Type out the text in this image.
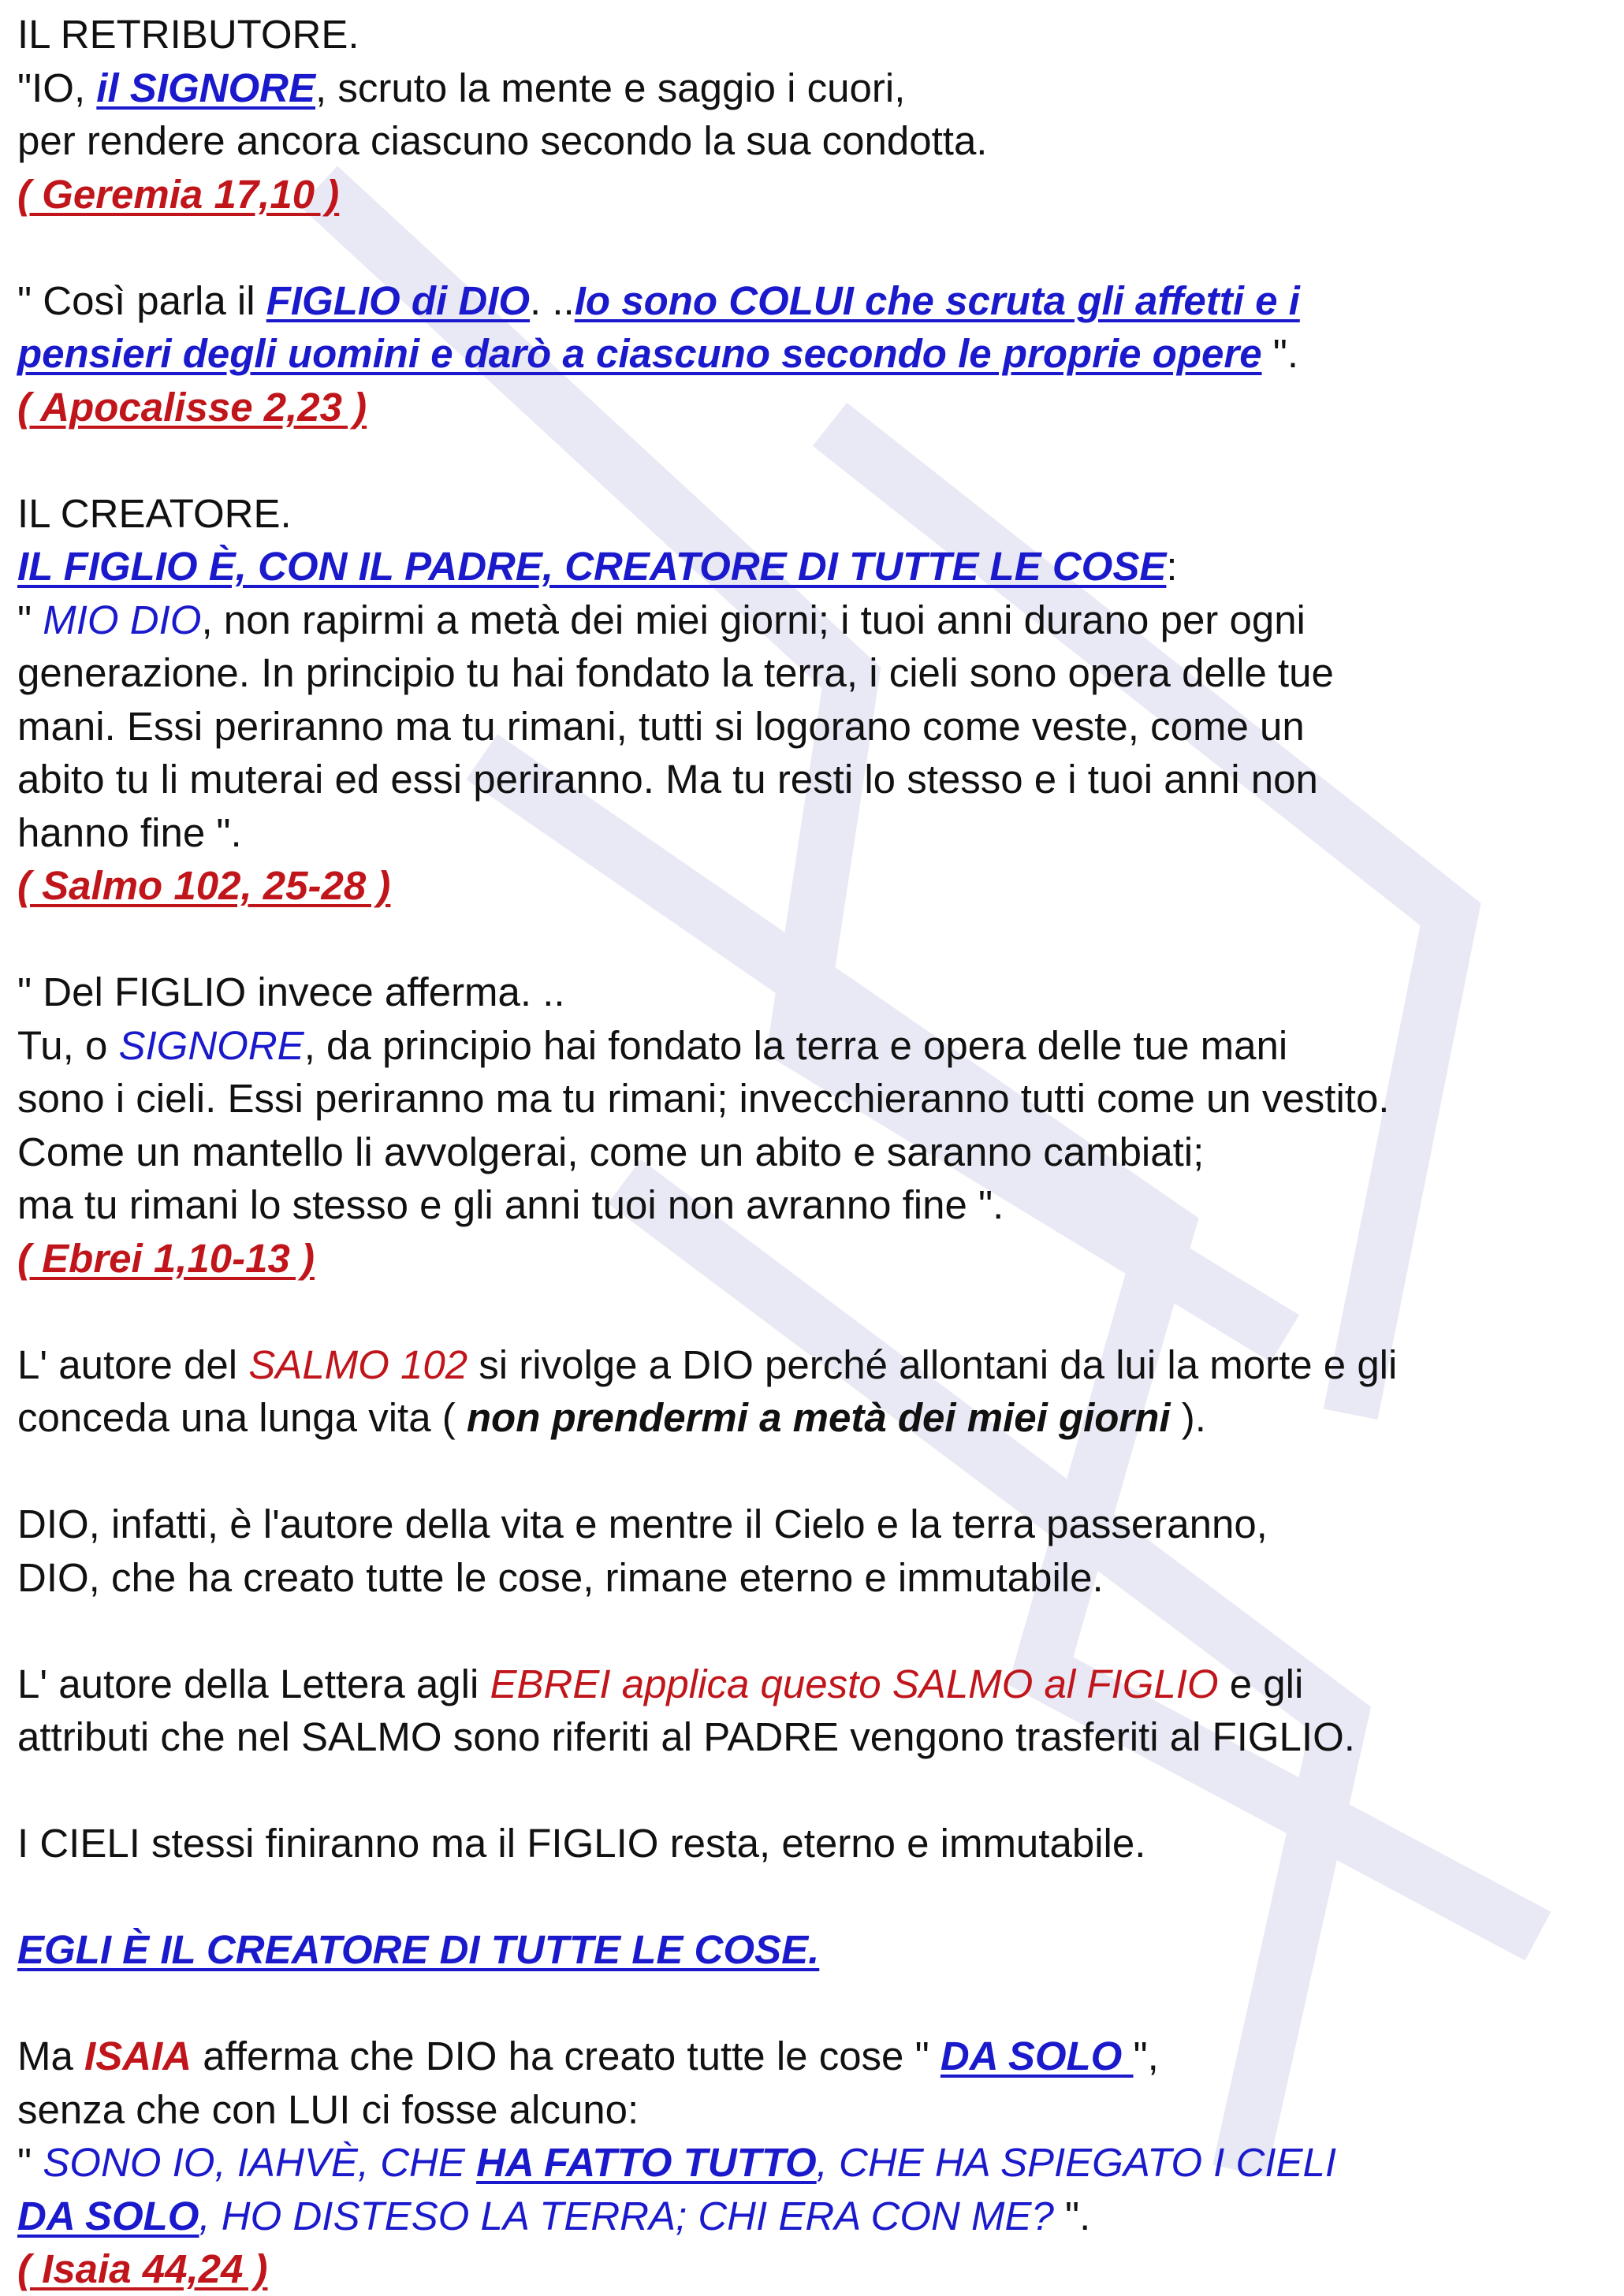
IL RETRIBUTORE.
"IO, il SIGNORE, scruto la mente e saggio i cuori,
per rendere ancora ciascuno secondo la sua condotta.
( Geremia 17,10 )
" Così parla il FIGLIO di DIO. ..Io sono COLUI che scruta gli affetti e i
pensieri degli uomini e darò a ciascuno secondo le proprie opere ".
( Apocalisse 2,23 )
IL CREATORE.
IL FIGLIO È, CON IL PADRE, CREATORE DI TUTTE LE COSE:
" MIO DIO, non rapirmi a metà dei miei giorni; i tuoi anni durano per ogni
generazione. In principio tu hai fondato la terra, i cieli sono opera delle tue
mani. Essi periranno ma tu rimani, tutti si logorano come veste, come un
abito tu li muterai ed essi periranno. Ma tu resti lo stesso e i tuoi anni non
hanno fine ".
( Salmo 102, 25-28 )
" Del FIGLIO invece afferma. ..
Tu, o SIGNORE, da principio hai fondato la terra e opera delle tue mani
sono i cieli. Essi periranno ma tu rimani; invecchieranno tutti come un vestito.
Come un mantello li avvolgerai, come un abito e saranno cambiati;
ma tu rimani lo stesso e gli anni tuoi non avranno fine ".
( Ebrei 1,10-13 )
L' autore del SALMO 102 si rivolge a DIO perché allontani da lui la morte e gli
conceda una lunga vita ( non prendermi a metà dei miei giorni ).
DIO, infatti, è l'autore della vita e mentre il Cielo e la terra passeranno,
DIO, che ha creato tutte le cose, rimane eterno e immutabile.
L' autore della Lettera agli EBREI applica questo SALMO al FIGLIO e gli
attributi che nel SALMO sono riferiti al PADRE vengono trasferiti al FIGLIO.
I CIELI stessi finiranno ma il FIGLIO resta, eterno e immutabile.
EGLI È IL CREATORE DI TUTTE LE COSE.
Ma ISAIA afferma che DIO ha creato tutte le cose " DA SOLO ",
senza che con LUI ci fosse alcuno:
" SONO IO, IAHVÈ, CHE HA FATTO TUTTO, CHE HA SPIEGATO I CIELI
DA SOLO, HO DISTESO LA TERRA; CHI ERA CON ME? ".
( Isaia 44,24 )
